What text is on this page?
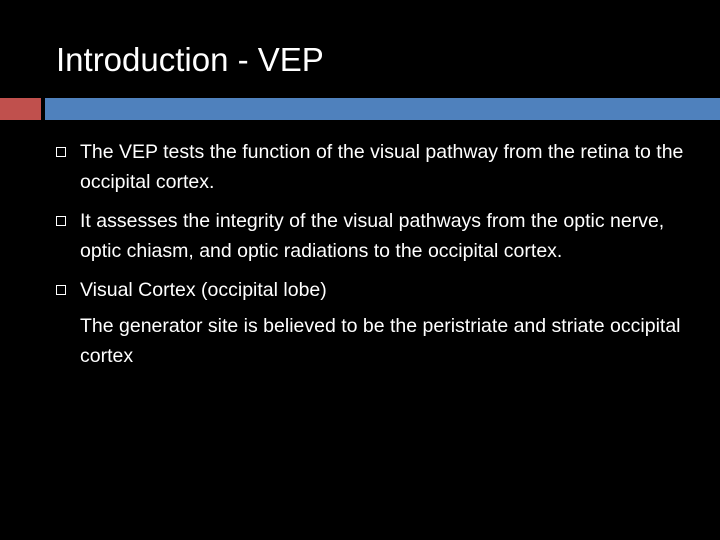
Introduction - VEP
The VEP tests the function of the visual pathway from the retina to the occipital cortex.
It assesses the integrity of the visual pathways from the optic nerve, optic chiasm, and optic radiations to the occipital cortex.
Visual Cortex (occipital lobe)
The generator site is believed to be the peristriate and striate occipital cortex
